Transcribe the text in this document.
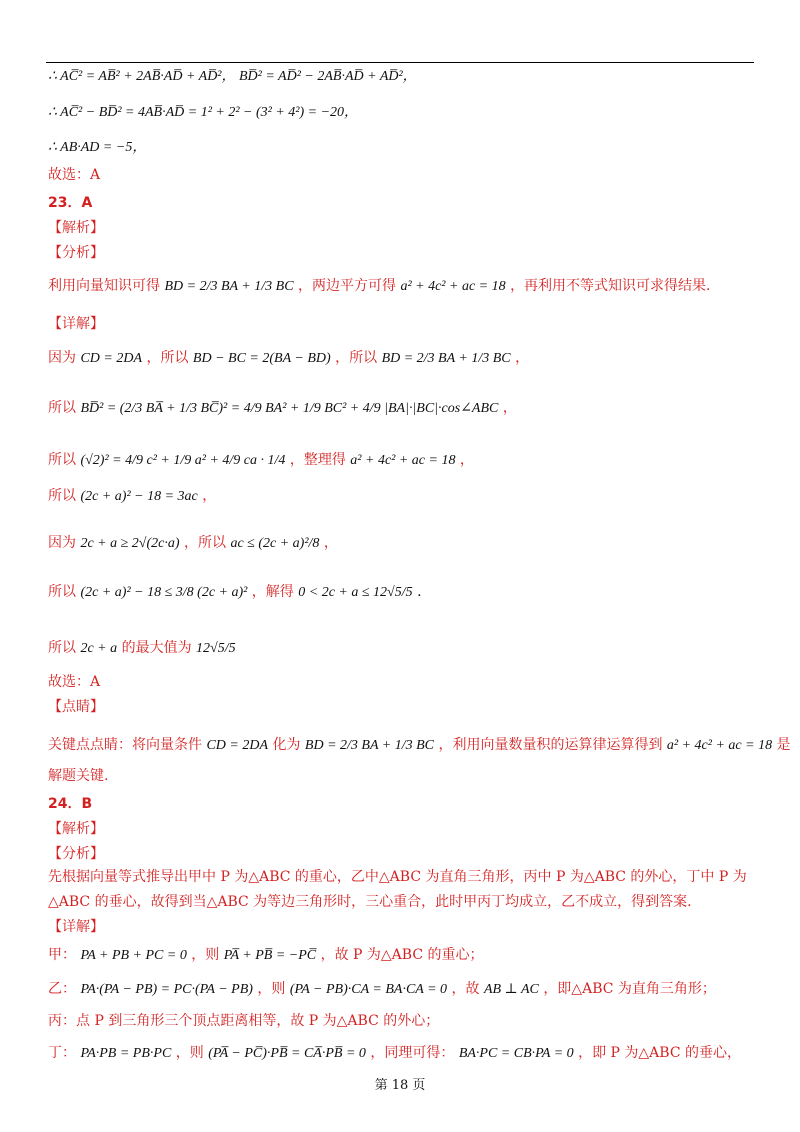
∴ AC̅² = AB̅² + 2AB̅·AD̅ + AD̅²， BD̅² = AD̅² − 2AB̅·AD̅ + AD̅²，
∴ AC̅² − BD̅² = 4AB̅·AD̅ = 1² + 2² − (3² + 4²) = −20，
∴ AB·AD = −5，
故选：A
23．A
【解析】
【分析】
利用向量知识可得 BD = 2/3 BA + 1/3 BC ，两边平方可得 a² + 4c² + ac = 18 ，再利用不等式知识可求得结果.
【详解】
因为 CD = 2DA ，所以 BD − BC = 2(BA − BD) ，所以 BD = 2/3 BA + 1/3 BC ，
所以 BD̅² = (2/3 BA̅ + 1/3 BC̅)² = 4/9 BA² + 1/9 BC² + 4/9 |BA|·|BC|·cos∠ABC ，
所以 (√2)² = 4/9 c² + 1/9 a² + 4/9 ca · 1/4 ，整理得 a² + 4c² + ac = 18 ，
所以 (2c + a)² − 18 = 3ac ，
因为 2c + a ≥ 2√(2c·a) ，所以 ac ≤ (2c + a)²/8 ，
所以 (2c + a)² − 18 ≤ 3/8 (2c + a)² ，解得 0 < 2c + a ≤ 12√5/5 .
所以 2c + a 的最大值为 12√5/5
故选：A
【点睛】
关键点点睛：将向量条件 CD = 2DA 化为 BD = 2/3 BA + 1/3 BC ，利用向量数量积的运算律运算得到 a² + 4c² + ac = 18 是
解题关键.
24．B
【解析】
【分析】
先根据向量等式推导出甲中 P 为△ABC 的重心，乙中△ABC 为直角三角形，丙中 P 为△ABC 的外心，丁中 P 为
△ABC 的垂心，故得到当△ABC 为等边三角形时，三心重合，此时甲丙丁均成立，乙不成立，得到答案.
【详解】
甲： PA + PB + PC = 0 ，则 PA̅ + PB̅ = −PC̅ ，故 P 为△ABC 的重心；
乙： PA·(PA − PB) = PC·(PA − PB) ，则 (PA − PB)·CA = BA·CA = 0 ，故 AB ⊥ AC ，即△ABC 为直角三角形；
丙：点 P 到三角形三个顶点距离相等，故 P 为△ABC 的外心；
丁： PA·PB = PB·PC ，则 (PA̅ − PC̅)·PB̅ = CA̅·PB̅ = 0 ，同理可得： BA·PC = CB·PA = 0 ，即 P 为△ABC 的垂心，
第 18 页
